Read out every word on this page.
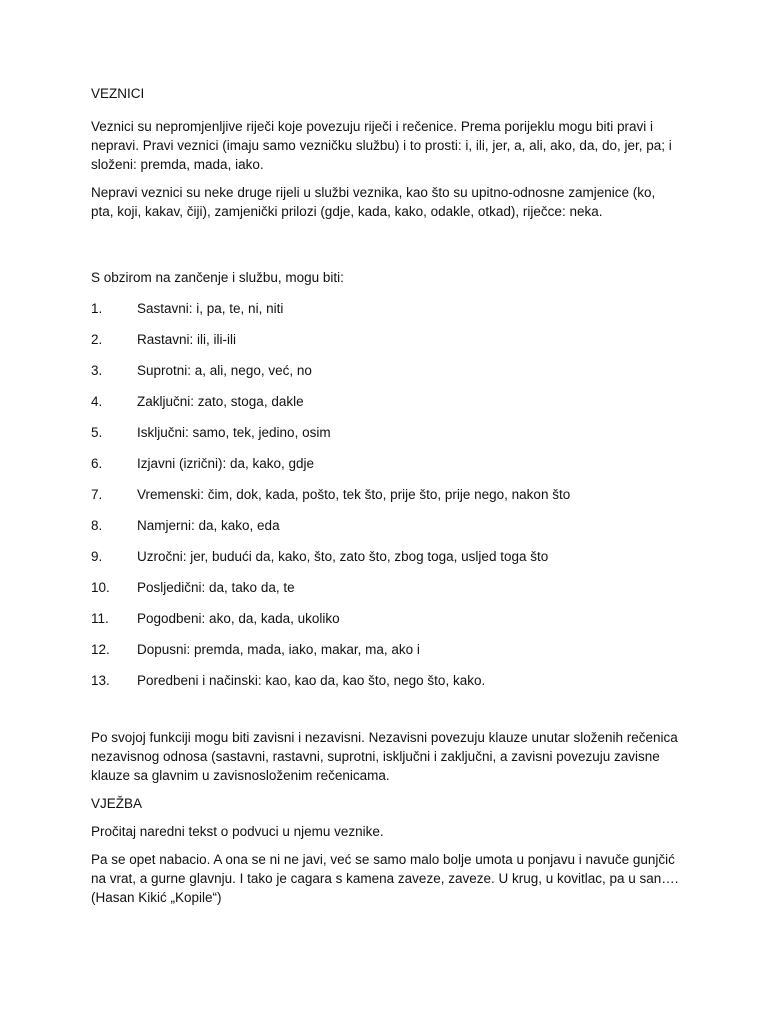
VEZNICI

Veznici su nepromjenljive riječi koje povezuju riječi i rečenice. Prema porijeklu mogu biti pravi i nepravi. Pravi veznici (imaju samo vezničku službu) i to prosti: i, ili, jer, a, ali, ako, da, do, jer, pa; i složeni: premda, mada, iako.

Nepravi veznici su neke druge rijeli u službi veznika, kao što su upitno-odnosne zamjenice (ko, pta, koji, kakav, čiji), zamjenički prilozi (gdje, kada, kako, odakle, otkad), riječce: neka.

S obzirom na zančenje i službu, mogu biti:

1.	Sastavni: i, pa, te, ni, niti
2.	Rastavni: ili, ili-ili
3.	Suprotni: a, ali, nego, već, no
4.	Zaključni: zato, stoga, dakle
5.	Isključni: samo, tek, jedino, osim
6.	Izjavni (izrični): da, kako, gdje
7.	Vremenski: čim, dok, kada, pošto, tek što, prije što, prije nego, nakon što
8.	Namjerni: da, kako, eda
9.	Uzročni: jer, budući da, kako, što, zato što, zbog toga, usljed toga što
10.	Posljedični: da, tako da, te
11.	Pogodbeni: ako, da, kada, ukoliko
12.	Dopusni: premda, mada, iako, makar, ma, ako i
13.	Poredbeni i načinski: kao, kao da, kao što, nego što, kako.

Po svojoj funkciji mogu biti zavisni i nezavisni. Nezavisni povezuju klauze unutar složenih rečenica nezavisnog odnosa (sastavni, rastavni, suprotni, isključni i zaključni, a zavisni povezuju zavisne klauze sa glavnim u zavisnosloženim rečenicama.

VJEŽBA

Pročitaj naredni tekst o podvuci u njemu veznike.

Pa se opet nabacio. A ona se ni ne javi, već se samo malo bolje umota u ponjavu i navuče gunjčić na vrat, a gurne glavnju. I tako je cagara s kamena zaveze, zaveze. U krug, u kovitlac, pa u san…. (Hasan Kikić „Kopile“)
